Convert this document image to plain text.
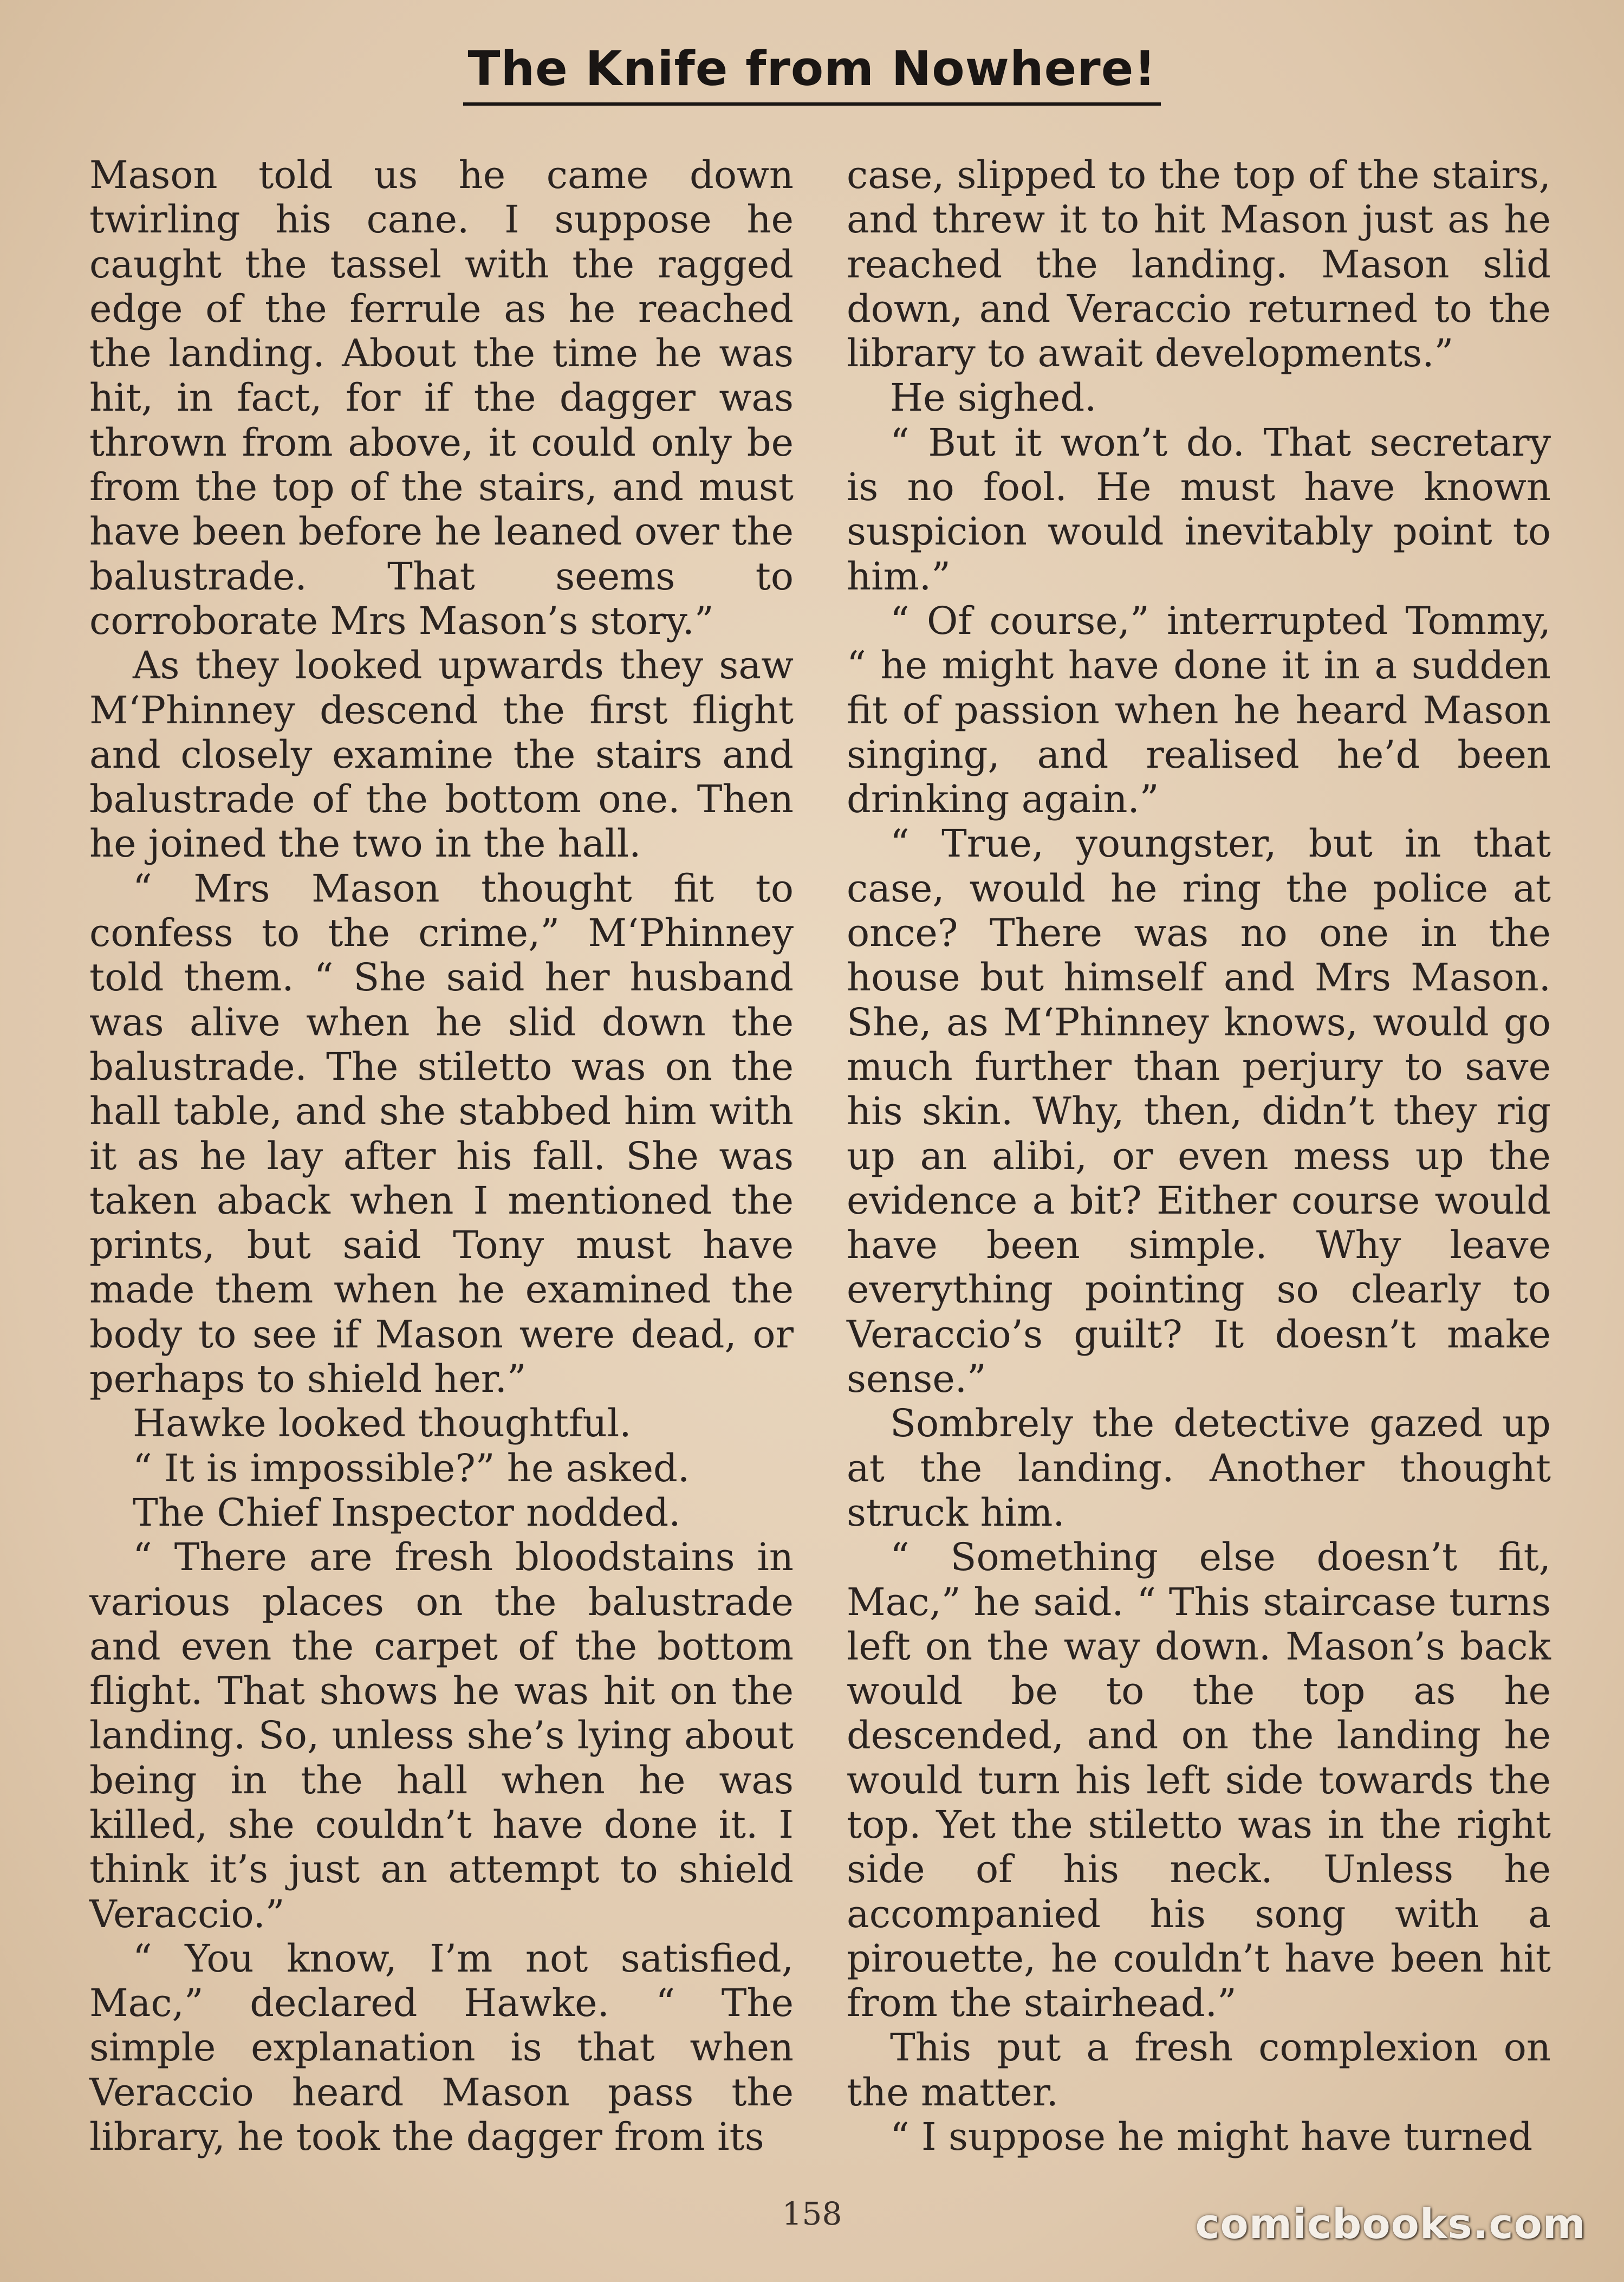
The Knife from Nowhere!

Mason told us he came down twirling his cane. I suppose he caught the tassel with the ragged edge of the ferrule as he reached the landing. About the time he was hit, in fact, for if the dagger was thrown from above, it could only be from the top of the stairs, and must have been before he leaned over the balustrade. That seems to corroborate Mrs Mason’s story.”

As they looked upwards they saw M‘Phinney descend the first flight and closely examine the stairs and balustrade of the bottom one. Then he joined the two in the hall.

“ Mrs Mason thought fit to confess to the crime,” M‘Phinney told them. “ She said her husband was alive when he slid down the balustrade. The stiletto was on the hall table, and she stabbed him with it as he lay after his fall. She was taken aback when I mentioned the prints, but said Tony must have made them when he examined the body to see if Mason were dead, or perhaps to shield her.”

Hawke looked thoughtful.

“ It is impossible?” he asked.

The Chief Inspector nodded.

“ There are fresh bloodstains in various places on the balustrade and even the carpet of the bottom flight. That shows he was hit on the landing. So, unless she’s lying about being in the hall when he was killed, she couldn’t have done it. I think it’s just an attempt to shield Veraccio.”

“ You know, I’m not satisfied, Mac,” declared Hawke. “ The simple explanation is that when Veraccio heard Mason pass the library, he took the dagger from its

case, slipped to the top of the stairs, and threw it to hit Mason just as he reached the landing. Mason slid down, and Veraccio returned to the library to await developments.”

He sighed.

“ But it won’t do. That secretary is no fool. He must have known suspicion would inevitably point to him.”

“ Of course,” interrupted Tommy, “ he might have done it in a sudden fit of passion when he heard Mason singing, and realised he’d been drinking again.”

“ True, youngster, but in that case, would he ring the police at once? There was no one in the house but himself and Mrs Mason. She, as M‘Phinney knows, would go much further than perjury to save his skin. Why, then, didn’t they rig up an alibi, or even mess up the evidence a bit? Either course would have been simple. Why leave everything pointing so clearly to Veraccio’s guilt? It doesn’t make sense.”

Sombrely the detective gazed up at the landing. Another thought struck him.

“ Something else doesn’t fit, Mac,” he said. “ This staircase turns left on the way down. Mason’s back would be to the top as he descended, and on the landing he would turn his left side towards the top. Yet the stiletto was in the right side of his neck. Unless he accompanied his song with a pirouette, he couldn’t have been hit from the stairhead.”

This put a fresh complexion on the matter.

“ I suppose he might have turned

158	comicbooks.com
